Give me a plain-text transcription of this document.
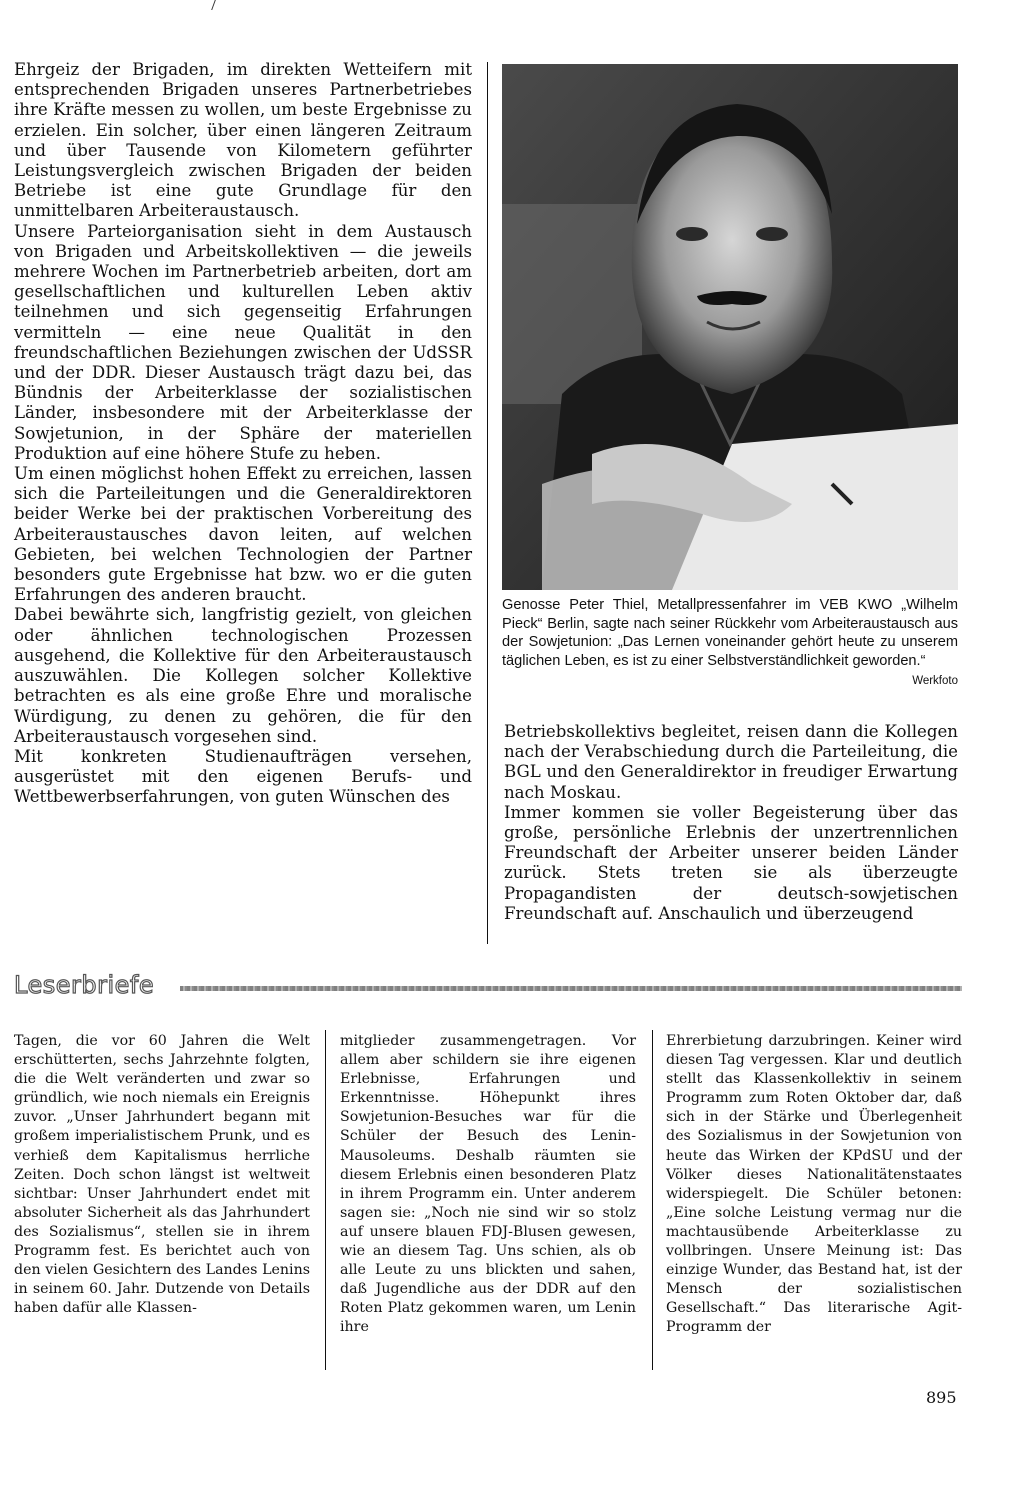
Ehrgeiz der Brigaden, im direkten Wetteifern mit entsprechenden Brigaden unseres Partnerbetriebes ihre Kräfte messen zu wollen, um beste Ergebnisse zu erzielen. Ein solcher, über einen längeren Zeitraum und über Tausende von Kilometern geführter Leistungsvergleich zwischen Brigaden der beiden Betriebe ist eine gute Grundlage für den unmittelbaren Arbeiteraustausch.

Unsere Parteiorganisation sieht in dem Austausch von Brigaden und Arbeitskollektiven — die jeweils mehrere Wochen im Partnerbetrieb arbeiten, dort am gesellschaftlichen und kulturellen Leben aktiv teilnehmen und sich gegenseitig Erfahrungen vermitteln — eine neue Qualität in den freundschaftlichen Beziehungen zwischen der UdSSR und der DDR. Dieser Austausch trägt dazu bei, das Bündnis der Arbeiterklasse der sozialistischen Länder, insbesondere mit der Arbeiterklasse der Sowjetunion, in der Sphäre der materiellen Produktion auf eine höhere Stufe zu heben.

Um einen möglichst hohen Effekt zu erreichen, lassen sich die Parteileitungen und die Generaldirektoren beider Werke bei der praktischen Vorbereitung des Arbeiteraustausches davon leiten, auf welchen Gebieten, bei welchen Technologien der Partner besonders gute Ergebnisse hat bzw. wo er die guten Erfahrungen des anderen braucht.

Dabei bewährte sich, langfristig gezielt, von gleichen oder ähnlichen technologischen Prozessen ausgehend, die Kollektive für den Arbeiteraustausch auszuwählen. Die Kollegen solcher Kollektive betrachten es als eine große Ehre und moralische Würdigung, zu denen zu gehören, die für den Arbeiteraustausch vorgesehen sind.

Mit konkreten Studienaufträgen versehen, ausgerüstet mit den eigenen Berufs- und Wettbewerbserfahrungen, von guten Wünschen des

Genosse Peter Thiel, Metallpressenfahrer im VEB KWO „Wilhelm Pieck“ Berlin, sagte nach seiner Rückkehr vom Arbeiteraustausch aus der Sowjetunion: „Das Lernen voneinander gehört heute zu unserem täglichen Leben, es ist zu einer Selbstverständlichkeit geworden.“
Werkfoto

Betriebskollektivs begleitet, reisen dann die Kollegen nach der Verabschiedung durch die Parteileitung, die BGL und den Generaldirektor in freudiger Erwartung nach Moskau.

Immer kommen sie voller Begeisterung über das große, persönliche Erlebnis der unzertrennlichen Freundschaft der Arbeiter unserer beiden Länder zurück. Stets treten sie als überzeugte Propagandisten der deutsch-sowjetischen Freundschaft auf. Anschaulich und überzeugend

Leserbriefe

Tagen, die vor 60 Jahren die Welt erschütterten, sechs Jahrzehnte folgten, die die Welt veränderten und zwar so gründlich, wie noch niemals ein Ereignis zuvor. „Unser Jahrhundert begann mit großem imperialistischem Prunk, und es verhieß dem Kapitalismus herrliche Zeiten. Doch schon längst ist weltweit sichtbar: Unser Jahrhundert endet mit absoluter Sicherheit als das Jahrhundert des Sozialismus“, stellen sie in ihrem Programm fest. Es berichtet auch von den vielen Gesichtern des Landes Lenins in seinem 60. Jahr. Dutzende von Details haben dafür alle Klassen-

mitglieder zusammengetragen. Vor allem aber schildern sie ihre eigenen Erlebnisse, Erfahrungen und Erkenntnisse. Höhepunkt ihres Sowjetunion-Besuches war für die Schüler der Besuch des Lenin-Mausoleums. Deshalb räumten sie diesem Erlebnis einen besonderen Platz in ihrem Programm ein. Unter anderem sagen sie: „Noch nie sind wir so stolz auf unsere blauen FDJ-Blusen gewesen, wie an diesem Tag. Uns schien, als ob alle Leute zu uns blickten und sahen, daß Jugendliche aus der DDR auf den Roten Platz gekommen waren, um Lenin ihre

Ehrerbietung darzubringen. Keiner wird diesen Tag vergessen. Klar und deutlich stellt das Klassenkollektiv in seinem Programm zum Roten Oktober dar, daß sich in der Stärke und Überlegenheit des Sozialismus in der Sowjetunion von heute das Wirken der KPdSU und der Völker dieses Nationalitätenstaates widerspiegelt. Die Schüler betonen: „Eine solche Leistung vermag nur die machtausübende Arbeiterklasse zu vollbringen. Unsere Meinung ist: Das einzige Wunder, das Bestand hat, ist der Mensch der sozialistischen Gesellschaft.“ Das literarische Agit-Programm der

895
